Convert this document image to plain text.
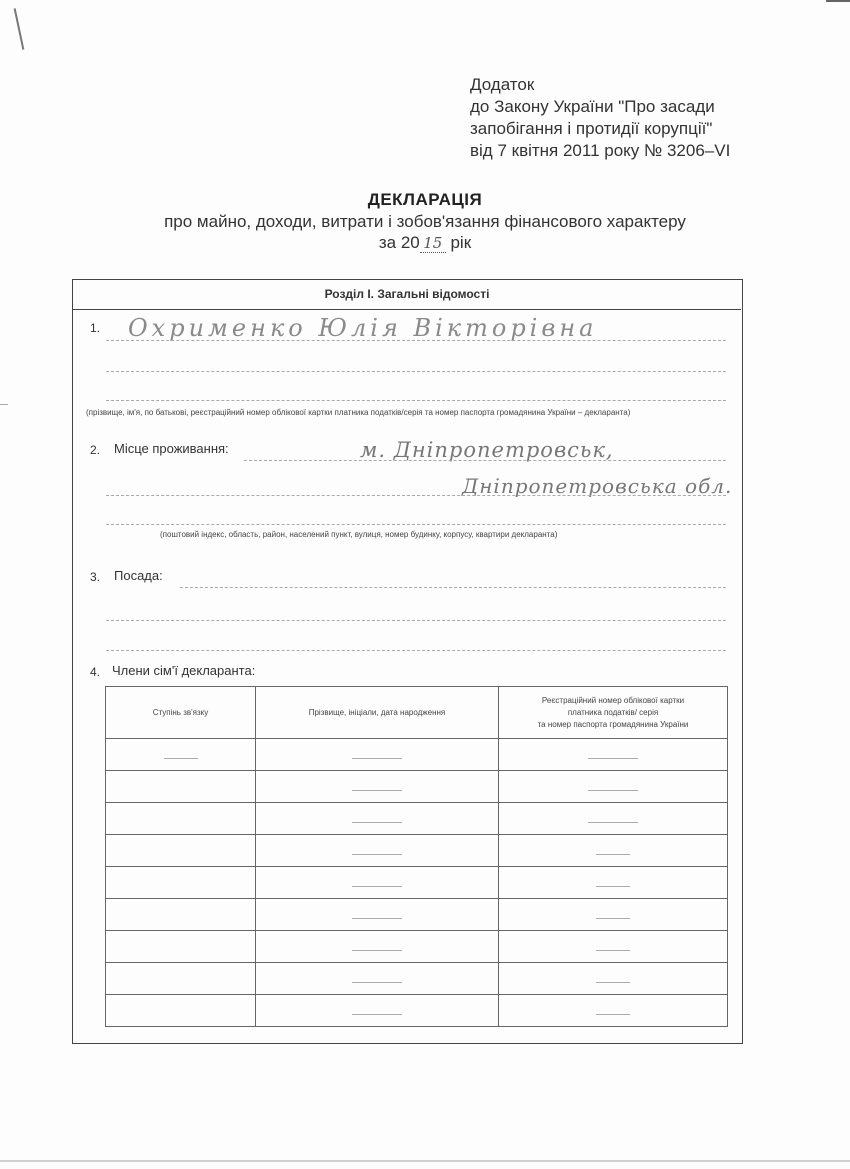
Додаток
до Закону України "Про засади
запобігання і протидії корупції"
від 7 квітня 2011 року № 3206–VI
ДЕКЛАРАЦІЯ
про майно, доходи, витрати і зобов'язання фінансового характеру
за 20 15 рік
Розділ І. Загальні відомості
1. Охрименко Юлія Вікторівна
(прізвище, ім'я, по батькові, реєстраційний номер облікової картки платника податків/серія та номер паспорта громадянина України – декларанта)
2. Місце проживання:	м. Дніпропетровськ,
Дніпропетровська обл.
(поштовий індекс, область, район, населений пункт, вулиця, номер будинку, корпусу, квартири декларанта)
3. Посада:
4. Члени сім'ї декларанта:
Ступінь зв'язку	Прізвище, ініціали, дата народження	Реєстраційний номер облікової картки
платника податків/ серія
та номер паспорта громадянина України
